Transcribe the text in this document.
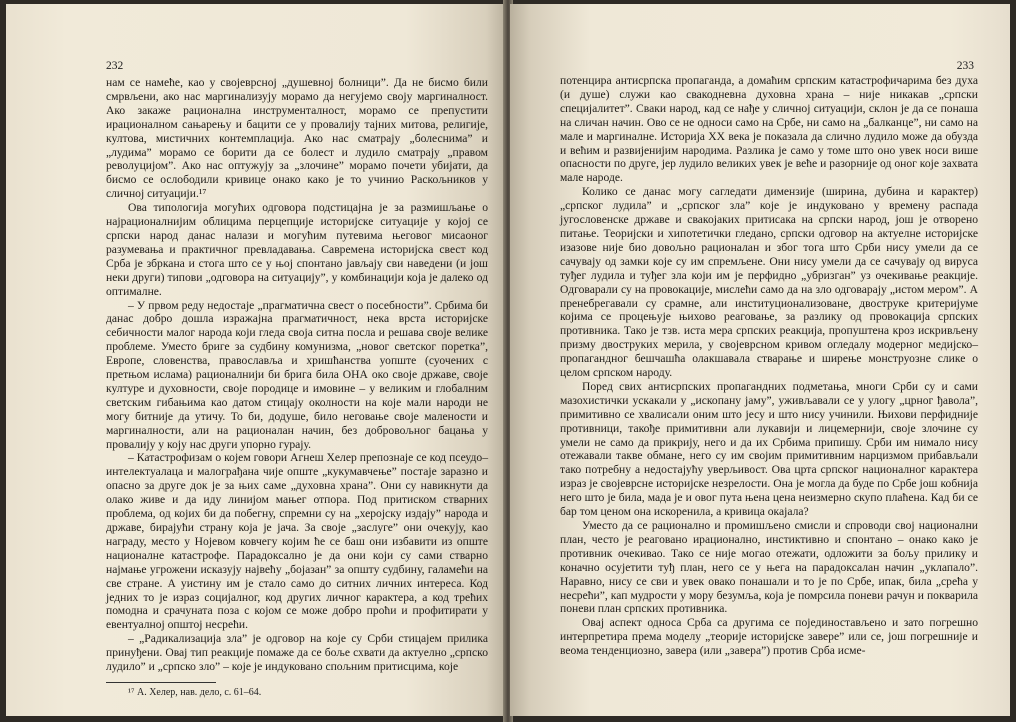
232

нам се намеће, као у својеврсној „душевној болници”. Да не бисмо били смрвљени, ако нас маргинализују морамо да негујемо своју маргиналност. Ако закаже рационална инструменталност, морамо се препустити ирационалном сањарењу и бацити се у провалију тајних митова, религије, култова, мистичних контемплација. Ако нас сматрају „болеснима” и „лудима” морамо се борити да се болест и лудило сматрају „правом револуцијом”. Ако нас оптужују за „злочине” морамо почети убијати, да бисмо се ослободили кривице онако како је то учинио Раскољников у сличној ситуацији.¹⁷

Ова типологија могућих одговора подстицајна је за размишљање о најрационалнијим облицима перцепције историјске ситуације у којој се српски народ данас налази и могућим путевима његовог мисаоног разумевања и практичног превладавања. Савремена историјска свест код Срба је збркана и стога што се у њој спонтано јављају сви наведени (и још неки други) типови „одговора на ситуацију”, у комбинацији која је далеко од оптималне.

– У првом реду недостаје „прагматична свест о посебности”. Србима би данас добро дошла изражајна прагматичност, нека врста историјске себичности малог народа који гледа своја ситна посла и решава своје велике проблеме. Уместо бриге за судбину комунизма, „новог светског поретка”, Европе, словенства, православља и хришћанства уопште (суочених с претњом ислама) рационалнији би брига била ОНА око своје државе, своје културе и духовности, своје породице и имовине – у великим и глобалним светским гибањима као датом стицају околности на које мали народи не могу битније да утичу. То би, додуше, било неговање своје малености и маргиналности, али на рационалан начин, без добровољног бацања у провалију у коју нас други упорно гурају.

– Катастрофизам о којем говори Агнеш Хелер препознаје се код псеудо–интелектуалаца и малограђана чије опште „кукумавчење” постаје заразно и опасно за друге док је за њих саме „духовна храна”. Они су навикнути да олако живе и да иду линијом мањег отпора. Под притиском стварних проблема, од којих би да побегну, спремни су на „херојску издају” народа и државе, бирајући страну која је јача. За своје „заслуге” они очекују, као награду, место у Нојевом ковчегу којим ће се баш они избавити из опште националне катастрофе. Парадоксално је да они који су сами стварно најмање угрожени исказују највећу „бојазан” за општу судбину, галамећи на све стране. А уистину им је стало само до ситних личних интереса. Код једних то је израз социјалног, код других личног карактера, а код трећих помодна и срачуната поза с којом се може добро проћи и профитирати у евентуалној општој несрећи.

– „Радикализација зла” је одговор на које су Срби стицајем прилика принуђени. Овај тип реакције помаже да се боље схвати да актуелно „српско лудило” и „српско зло” – које је индуковано спољним притисцима, које

¹⁷ А. Хелер, нав. дело, с. 61–64.

233

потенцира антисрпска пропаганда, а домаћим српским катастрофичарима без духа (и душе) служи као свакодневна духовна храна – није никакав „српски специјалитет”. Сваки народ, кад се нађе у сличној ситуацији, склон је да се понаша на сличан начин. Ово се не односи само на Србе, ни само на „балканце”, ни само на мале и маргиналне. Историја XX века је показала да слично лудило може да обузда и већим и развијенијим народима. Разлика је само у томе што оно увек носи више опасности по друге, јер лудило великих увек је веће и разорније од оног које захвата мале народе.

Колико се данас могу сагледати димензије (ширина, дубина и карактер) „српског лудила” и „српског зла” које је индуковано у времену распада југословенске државе и свакојаких притисака на српски народ, још је отворено питање. Теоријски и хипотетички гледано, српски одговор на актуелне историјске изазове није био довољно рационалан и због тога што Срби нису умели да се сачувају од замки које су им спремљене. Они нису умели да се сачувају од вируса туђег лудила и туђег зла који им је перфидно „убризган” уз очекивање реакције. Одговарали су на провокације, мислећи само да на зло одговарају „истом мером”. А пренебрегавали су срамне, али институционализоване, двоструке критеријуме којима се процењује њихово реаговање, за разлику од провокација српских противника. Тако је тзв. иста мера српских реакција, пропуштена кроз искривљену призму двоструких мерила, у својеврсном кривом огледалу модерног медијско–пропагандног бешчашћа олакшавала стварање и ширење монструозне слике о целом српском народу.

Поред свих антисрпских пропагандних подметања, многи Срби су и сами мазохистички ускакали у „ископану јаму”, уживљавали се у улогу „црног ђавола”, примитивно се хвалисали оним што јесу и што нису учинили. Њихови перфидније противници, такође примитивни али лукавији и лицемернији, своје злочине су умели не само да прикрију, него и да их Србима припишу. Срби им нимало нису отежавали такве обмане, него су им својим примитивним нарцизмом прибављали тако потребну а недостајућу уверљивост. Ова црта српског националног карактера израз је својеврсне историјске незрелости. Она је могла да буде по Србе још кобнија него што је била, мада је и овог пута њена цена неизмерно скупо плаћена. Кад би се бар том ценом она искоренила, а кривица окајала?

Уместо да се рационално и промишљено смисли и спроводи свој национални план, често је реаговано ирационално, инстиктивно и спонтано – онако како је противник очекивао. Тако се није могао отежати, одложити за бољу прилику и коначно осујетити туђ план, него се у њега на парадоксалан начин „уклапало”. Наравно, нису се сви и увек овако понашали и то је по Србе, ипак, била „срећа у несрећи”, кап мудрости у мору безумља, која је помрсила поневи рачун и покварила поневи план српских противника.

Овај аспект односа Срба са другима се појединостављено и зато погрешно интерпретира према моделу „теорије историјске завере” или се, још погрешније и веома тенденциозно, завера (или „завера”) против Срба исме-
